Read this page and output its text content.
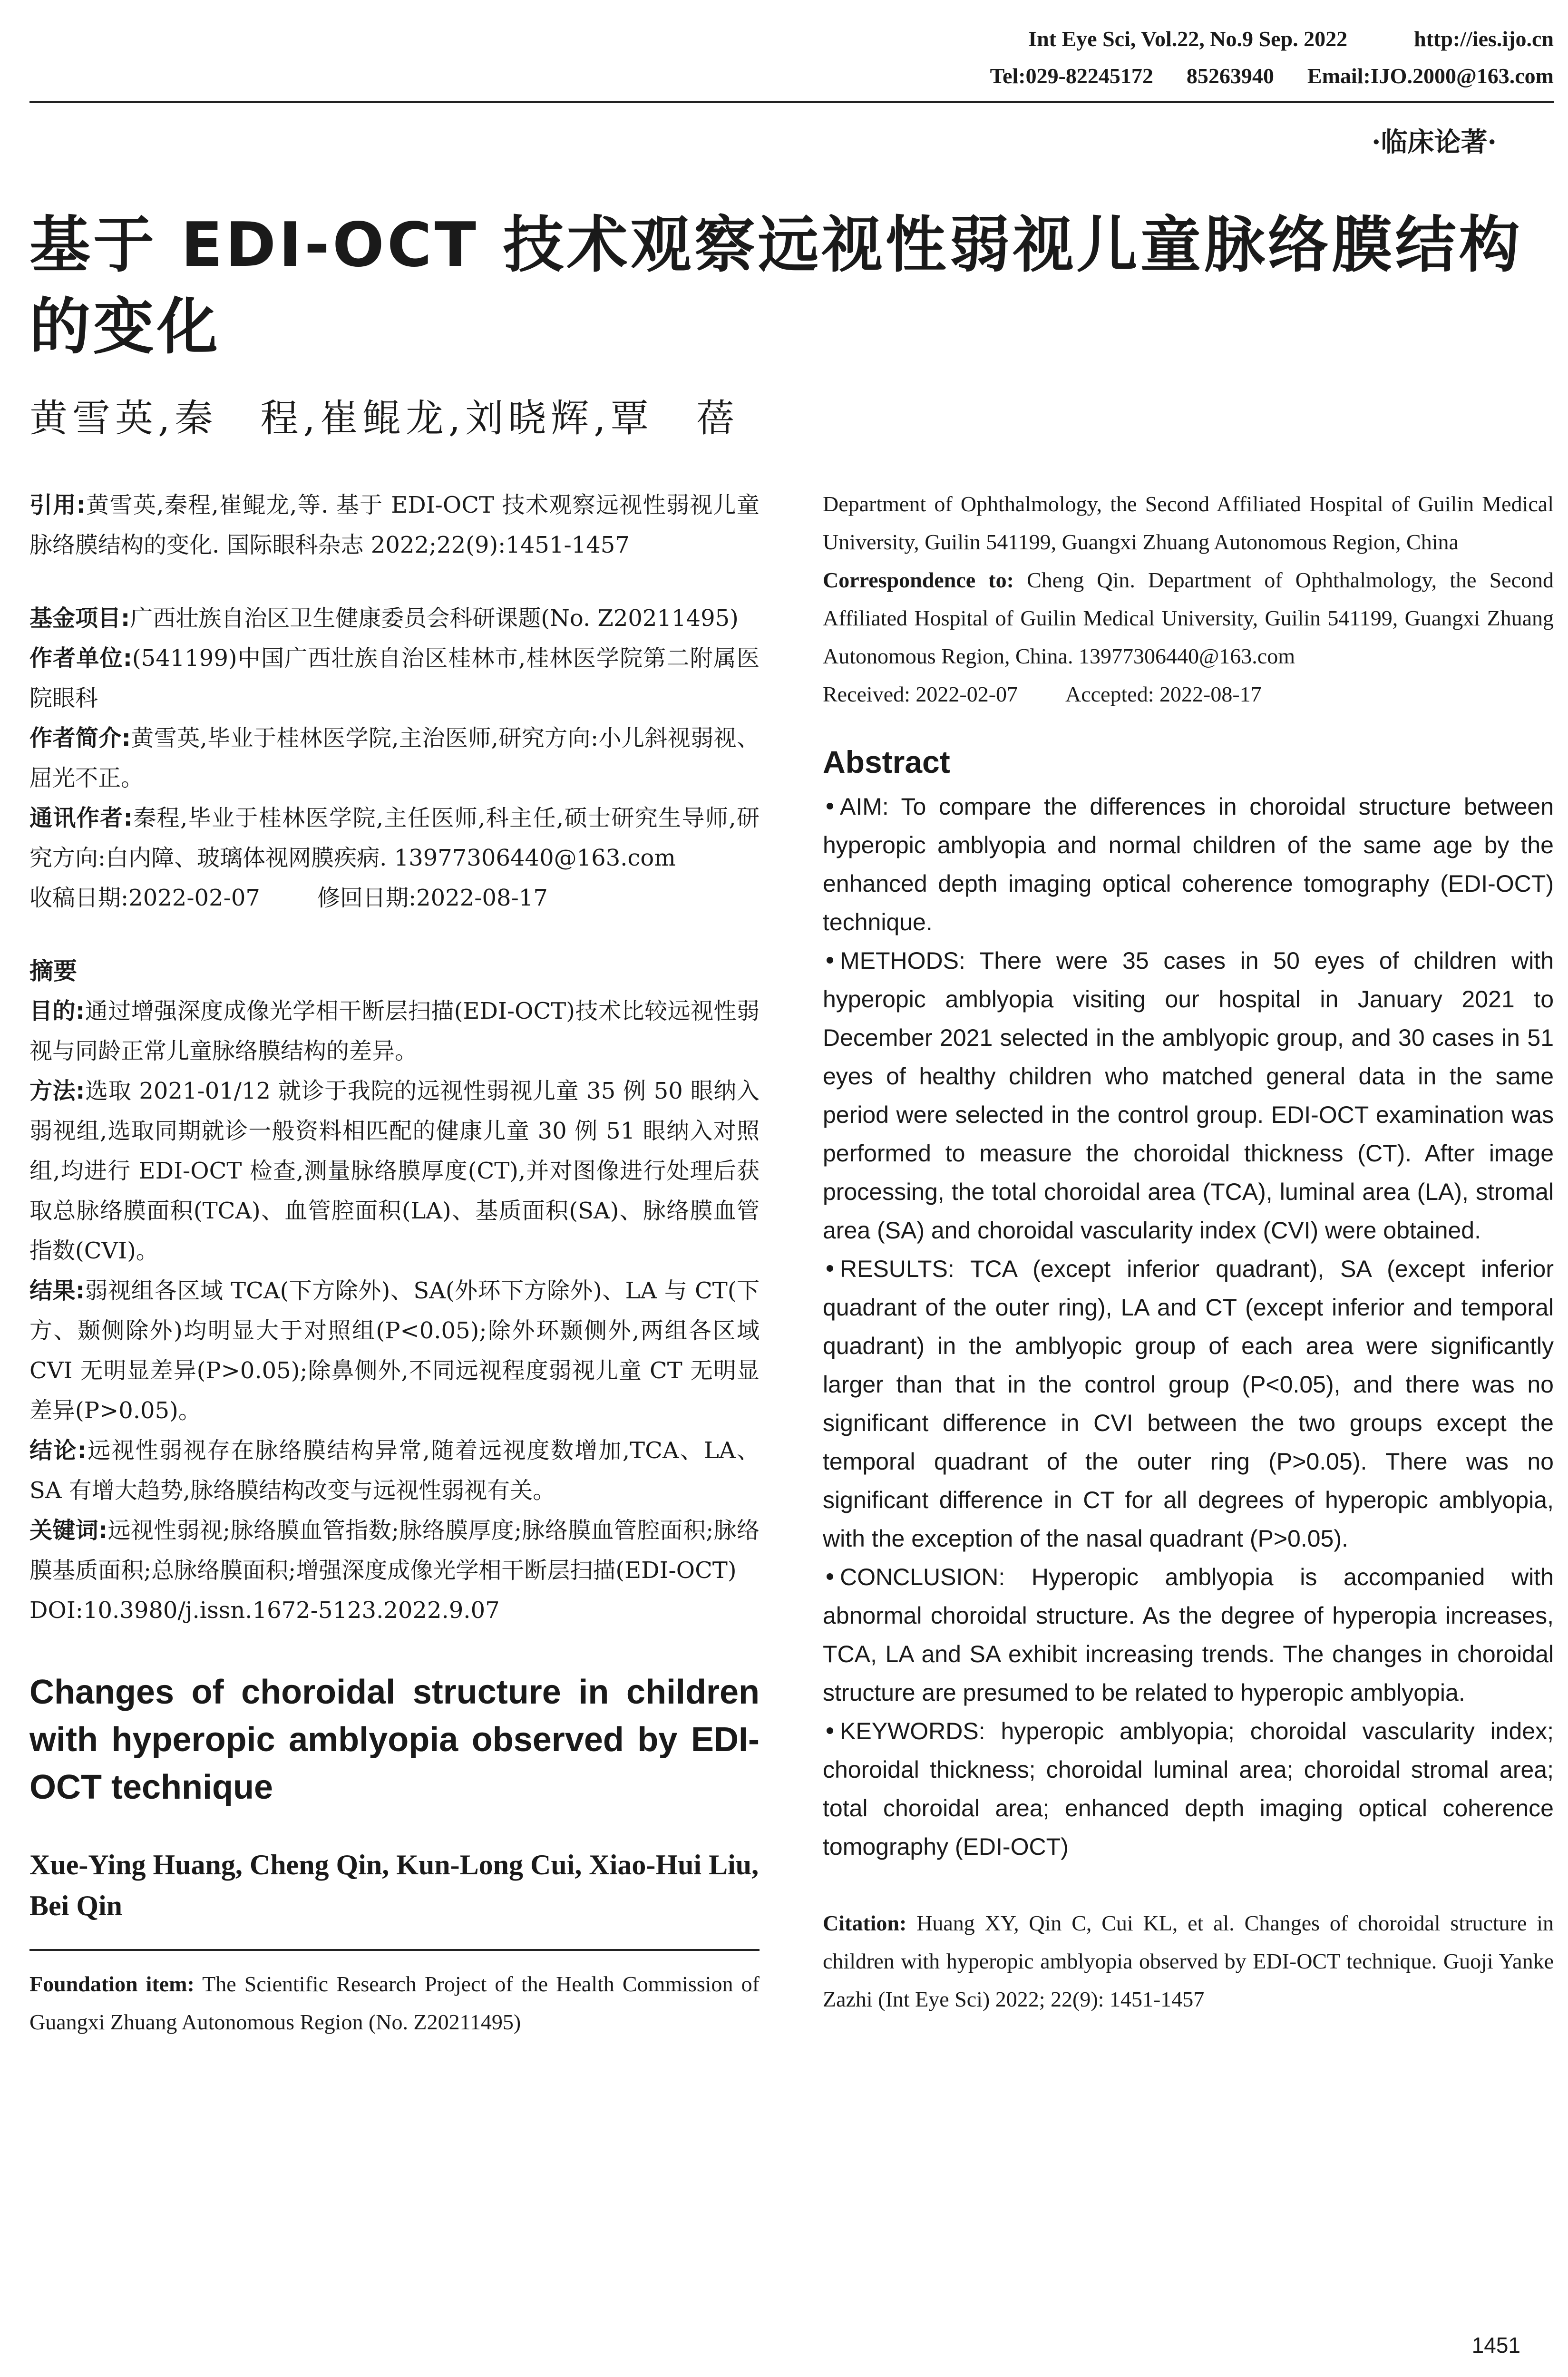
Int Eye Sci, Vol.22, No.9 Sep. 2022	http://ies.ijo.cn
Tel:029-82245172 85263940 Email:IJO.2000@163.com
·临床论著·
基于 EDI-OCT 技术观察远视性弱视儿童脉络膜结构的变化
黄雪英,秦　程,崔鲲龙,刘晓辉,覃　蓓

引用:黄雪英,秦程,崔鲲龙,等. 基于 EDI-OCT 技术观察远视性弱视儿童脉络膜结构的变化. 国际眼科杂志 2022;22(9):1451-1457

基金项目:广西壮族自治区卫生健康委员会科研课题(No. Z20211495)

作者单位:(541199)中国广西壮族自治区桂林市,桂林医学院第二附属医院眼科

作者简介:黄雪英,毕业于桂林医学院,主治医师,研究方向:小儿斜视弱视、屈光不正。

通讯作者:秦程,毕业于桂林医学院,主任医师,科主任,硕士研究生导师,研究方向:白内障、玻璃体视网膜疾病. 13977306440@163.com

收稿日期:2022-02-07	修回日期:2022-08-17

摘要

目的:通过增强深度成像光学相干断层扫描(EDI-OCT)技术比较远视性弱视与同龄正常儿童脉络膜结构的差异。

方法:选取 2021-01/12 就诊于我院的远视性弱视儿童 35 例 50 眼纳入弱视组,选取同期就诊一般资料相匹配的健康儿童 30 例 51 眼纳入对照组,均进行 EDI-OCT 检查,测量脉络膜厚度(CT),并对图像进行处理后获取总脉络膜面积(TCA)、血管腔面积(LA)、基质面积(SA)、脉络膜血管指数(CVI)。

结果:弱视组各区域 TCA(下方除外)、SA(外环下方除外)、LA 与 CT(下方、颞侧除外)均明显大于对照组(P<0.05);除外环颞侧外,两组各区域 CVI 无明显差异(P>0.05);除鼻侧外,不同远视程度弱视儿童 CT 无明显差异(P>0.05)。

结论:远视性弱视存在脉络膜结构异常,随着远视度数增加,TCA、LA、SA 有增大趋势,脉络膜结构改变与远视性弱视有关。

关键词:远视性弱视;脉络膜血管指数;脉络膜厚度;脉络膜血管腔面积;脉络膜基质面积;总脉络膜面积;增强深度成像光学相干断层扫描(EDI-OCT)

DOI:10.3980/j.issn.1672-5123.2022.9.07

Changes of choroidal structure in children with hyperopic amblyopia observed by EDI-OCT technique

Xue-Ying Huang, Cheng Qin, Kun-Long Cui, Xiao-Hui Liu, Bei Qin

Foundation item: The Scientific Research Project of the Health Commission of Guangxi Zhuang Autonomous Region (No. Z20211495)

Department of Ophthalmology, the Second Affiliated Hospital of Guilin Medical University, Guilin 541199, Guangxi Zhuang Autonomous Region, China

Correspondence to: Cheng Qin. Department of Ophthalmology, the Second Affiliated Hospital of Guilin Medical University, Guilin 541199, Guangxi Zhuang Autonomous Region, China. 13977306440@163.com

Received: 2022-02-07 Accepted: 2022-08-17

Abstract

AIM: To compare the differences in choroidal structure between hyperopic amblyopia and normal children of the same age by the enhanced depth imaging optical coherence tomography (EDI-OCT) technique.

METHODS: There were 35 cases in 50 eyes of children with hyperopic amblyopia visiting our hospital in January 2021 to December 2021 selected in the amblyopic group, and 30 cases in 51 eyes of healthy children who matched general data in the same period were selected in the control group. EDI-OCT examination was performed to measure the choroidal thickness (CT). After image processing, the total choroidal area (TCA), luminal area (LA), stromal area (SA) and choroidal vascularity index (CVI) were obtained.

RESULTS: TCA (except inferior quadrant), SA (except inferior quadrant of the outer ring), LA and CT (except inferior and temporal quadrant) in the amblyopic group of each area were significantly larger than that in the control group (P<0.05), and there was no significant difference in CVI between the two groups except the temporal quadrant of the outer ring (P>0.05). There was no significant difference in CT for all degrees of hyperopic amblyopia, with the exception of the nasal quadrant (P>0.05).

CONCLUSION: Hyperopic amblyopia is accompanied with abnormal choroidal structure. As the degree of hyperopia increases, TCA, LA and SA exhibit increasing trends. The changes in choroidal structure are presumed to be related to hyperopic amblyopia.

KEYWORDS: hyperopic amblyopia; choroidal vascularity index; choroidal thickness; choroidal luminal area; choroidal stromal area; total choroidal area; enhanced depth imaging optical coherence tomography (EDI-OCT)

Citation: Huang XY, Qin C, Cui KL, et al. Changes of choroidal structure in children with hyperopic amblyopia observed by EDI-OCT technique. Guoji Yanke Zazhi (Int Eye Sci) 2022; 22(9): 1451-1457

1451
